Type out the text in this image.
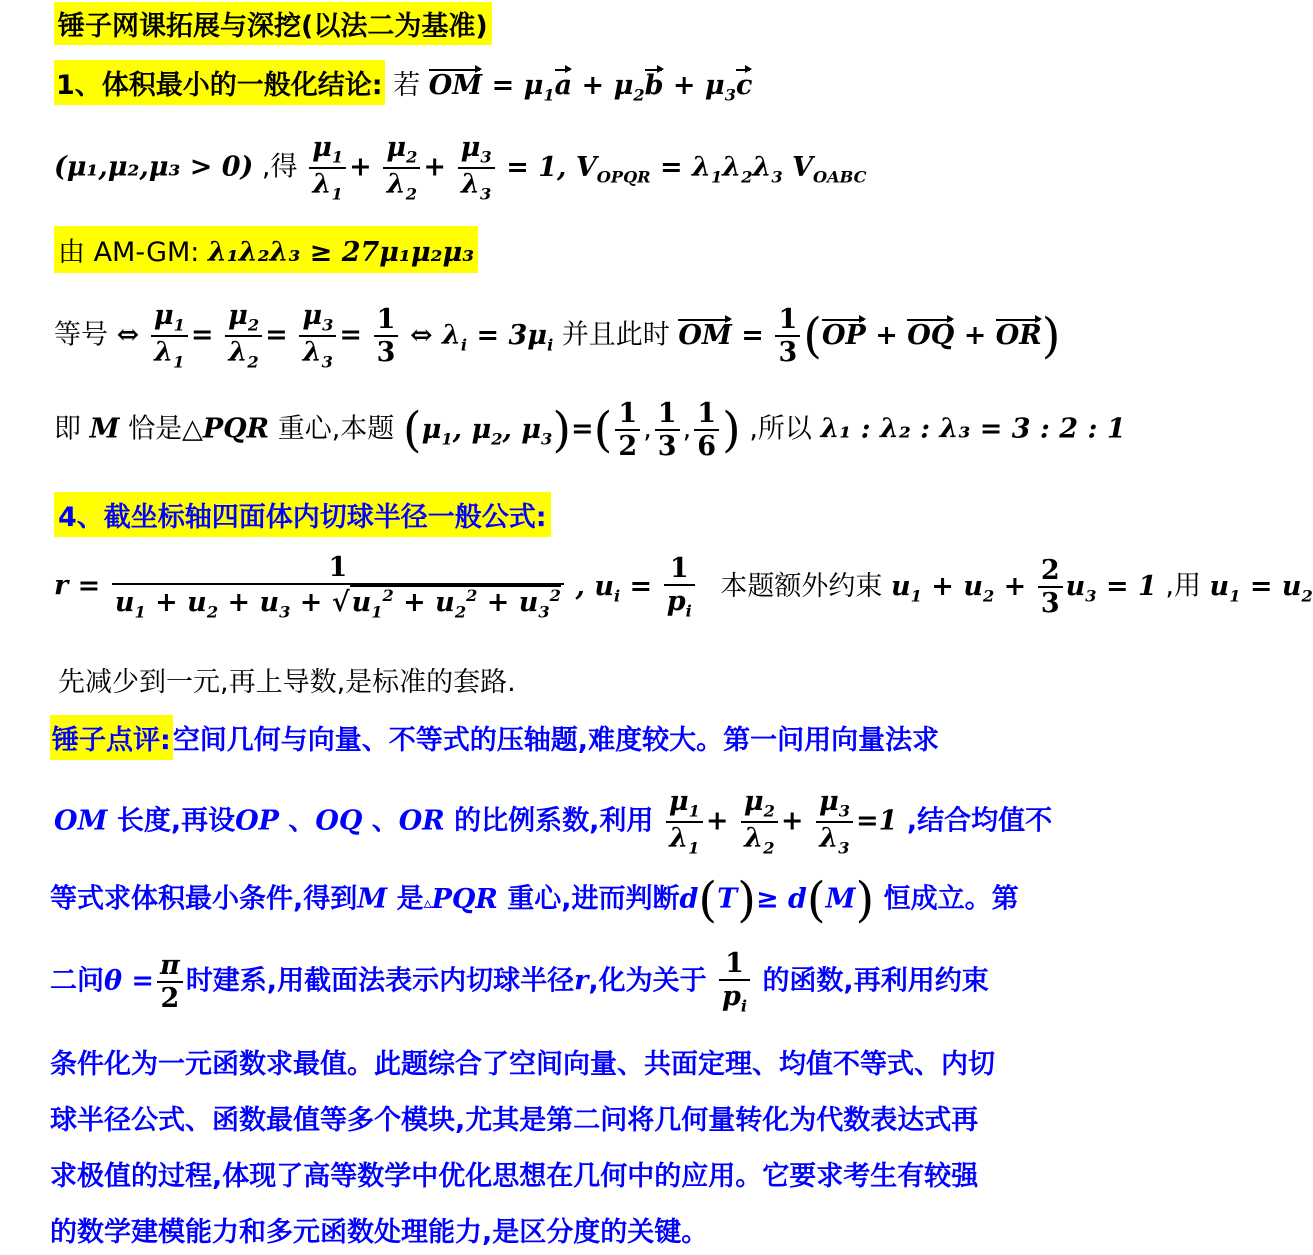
锤子网课拓展与深挖(以法二为基准)
1、体积最小的一般化结论: 若 OM = $\mu_1a + \mu_2b + \mu_3c$
(μ₁,μ₂,μ₃ > 0) ,得 $\frac{\mu_1}{\lambda_1} + \frac{\mu_2}{\lambda_2} + \frac{\mu_3}{\lambda_3} = 1$, $V_{OPQR} = \lambda_1\lambda_2\lambda_3$ $V_{OABC}$
由 AM-GM: λ₁λ₂λ₃ ≥ 27μ₁μ₂μ₃
等号 ⇔ $\frac{\mu_1}{\lambda_1} = \frac{\mu_2}{\lambda_2} = \frac{\mu_3}{\lambda_3} = \frac{1}{3}$ ⇔ $\lambda_i = 3\mu_i$ 并且此时 OM = $\frac{1}{3} (OP$ + OQ + OR)
即 M 恰是△PQR 重心,本题 ($\mu_1$, $\mu_2$, $\mu_3)=( \frac{1}{2}$ , $\frac{1}{3}$ , $\frac{1}{6}$ ) ,所以 λ₁ : λ₂ : λ₃ = 3 : 2 : 1
4、截坐标轴四面体内切球半径一般公式:
$r = \frac{1}{u_1 + u_2 + u_3 + √u_1^2 + u_2^2 + u_3^2}$ , $u_i = \frac{1}{p_i}$ 本题额外约束 $u_1 + u_2 + \frac{2}{3} u_3 = 1$ ,用 $u_1 = u_2$
先减少到一元,再上导数,是标准的套路.
锤子点评:空间几何与向量、不等式的压轴题,难度较大。第一问用向量法求
OM 长度,再设OP 、OQ 、OR 的比例系数,利用 $\frac{\mu_1}{\lambda_1} + \frac{\mu_2}{\lambda_2} + \frac{\mu_3}{\lambda_3} =1$ ,结合均值不
等式求体积最小条件,得到M 是▵PQR 重心,进而判断d(T)≥ d(M) 恒成立。第
二问$\theta = \frac{\pi}{2}$ 时建系,用截面法表示内切球半径r,化为关于 $\frac{1}{p_i}$ 的函数,再利用约束
条件化为一元函数求最值。此题综合了空间向量、共面定理、均值不等式、内切
球半径公式、函数最值等多个模块,尤其是第二问将几何量转化为代数表达式再
求极值的过程,体现了高等数学中优化思想在几何中的应用。它要求考生有较强
的数学建模能力和多元函数处理能力,是区分度的关键。
